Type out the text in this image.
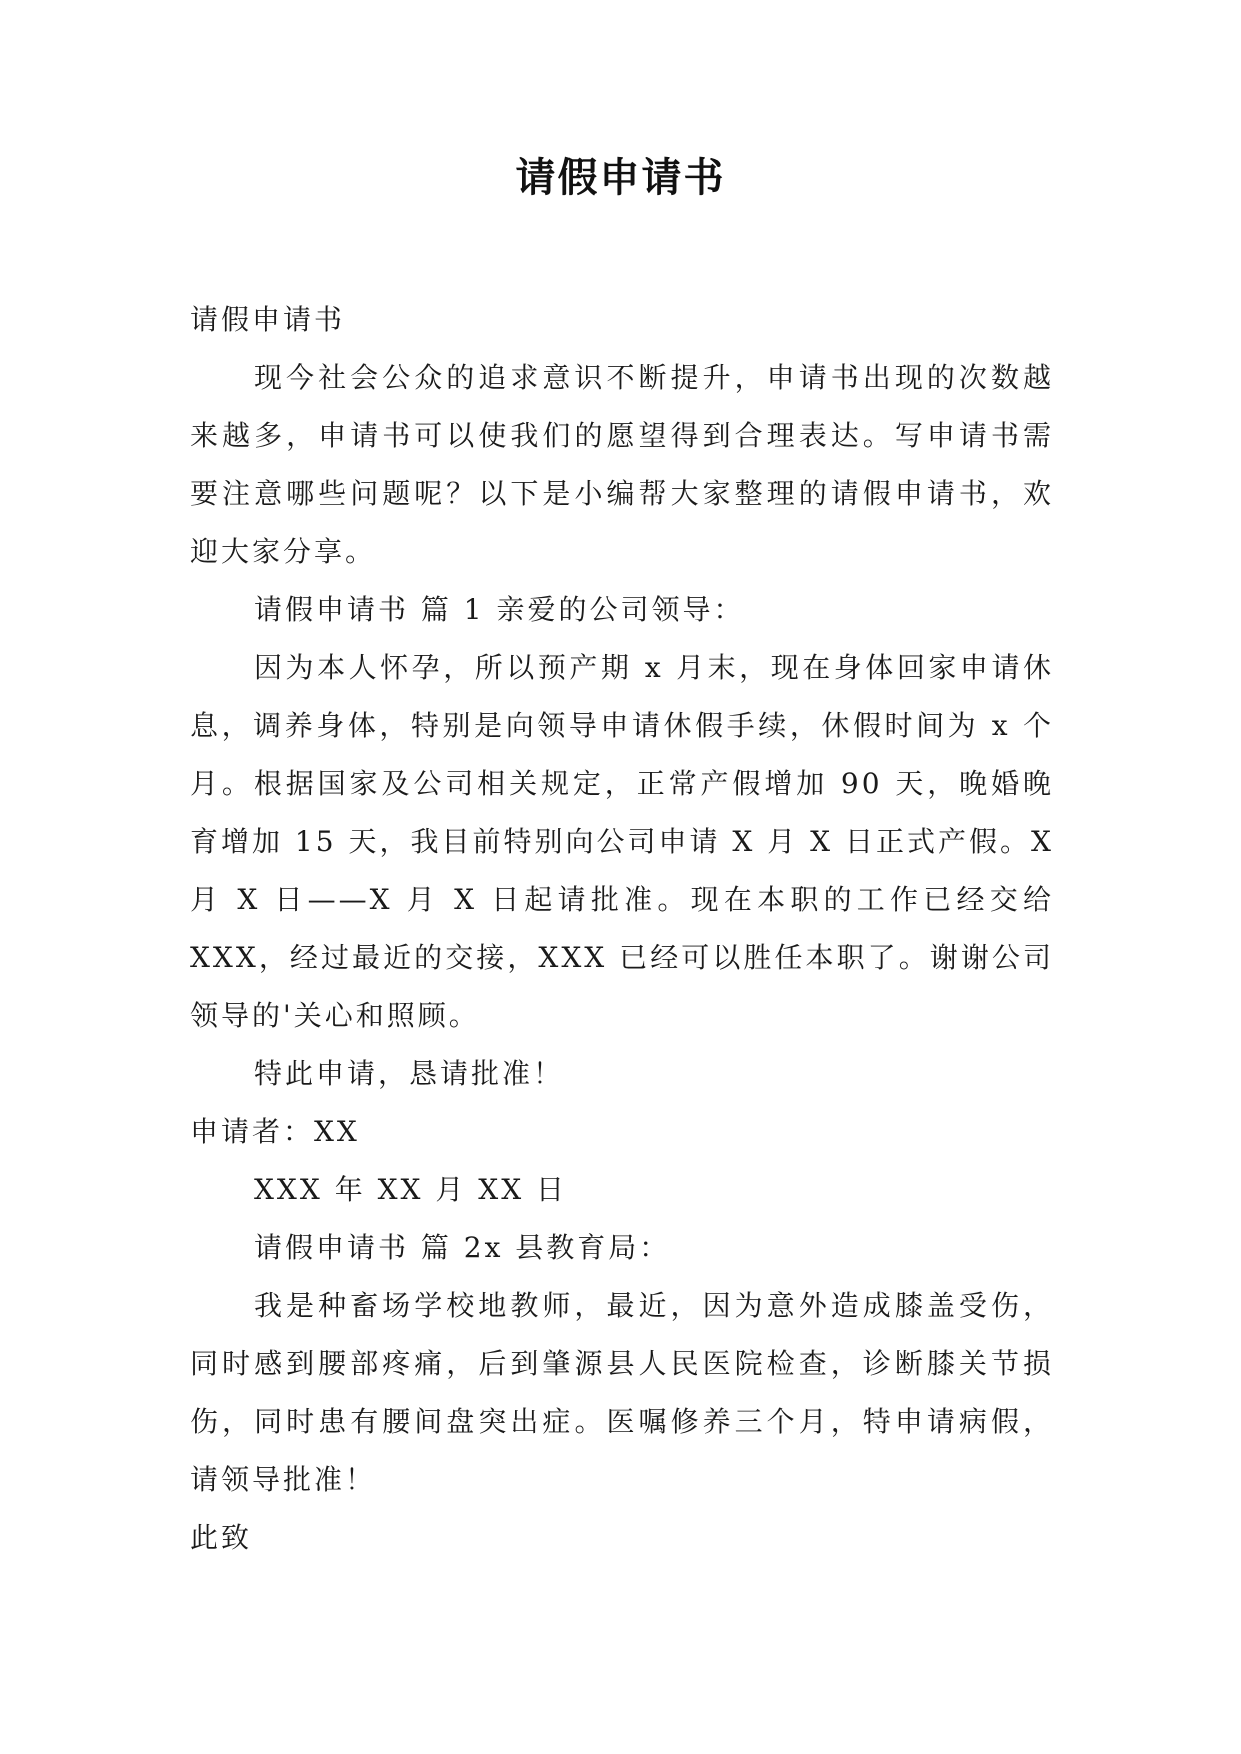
请假申请书

请假申请书

现今社会公众的追求意识不断提升，申请书出现的次数越来越多，申请书可以使我们的愿望得到合理表达。写申请书需要注意哪些问题呢？以下是小编帮大家整理的请假申请书，欢迎大家分享。

请假申请书 篇 1 亲爱的公司领导：

因为本人怀孕，所以预产期 x 月末，现在身体回家申请休息，调养身体，特别是向领导申请休假手续，休假时间为 x 个月。根据国家及公司相关规定，正常产假增加 90 天，晚婚晚育增加 15 天，我目前特别向公司申请 X 月 X 日正式产假。X 月 X 日——X 月 X 日起请批准。现在本职的工作已经交给 XXX，经过最近的交接，XXX 已经可以胜任本职了。谢谢公司领导的'关心和照顾。

特此申请，恳请批准！

申请者：XX

XXX 年 XX 月 XX 日

请假申请书 篇 2x 县教育局：

我是种畜场学校地教师，最近，因为意外造成膝盖受伤，同时感到腰部疼痛，后到肇源县人民医院检查，诊断膝关节损伤，同时患有腰间盘突出症。医嘱修养三个月，特申请病假，请领导批准！

此致
